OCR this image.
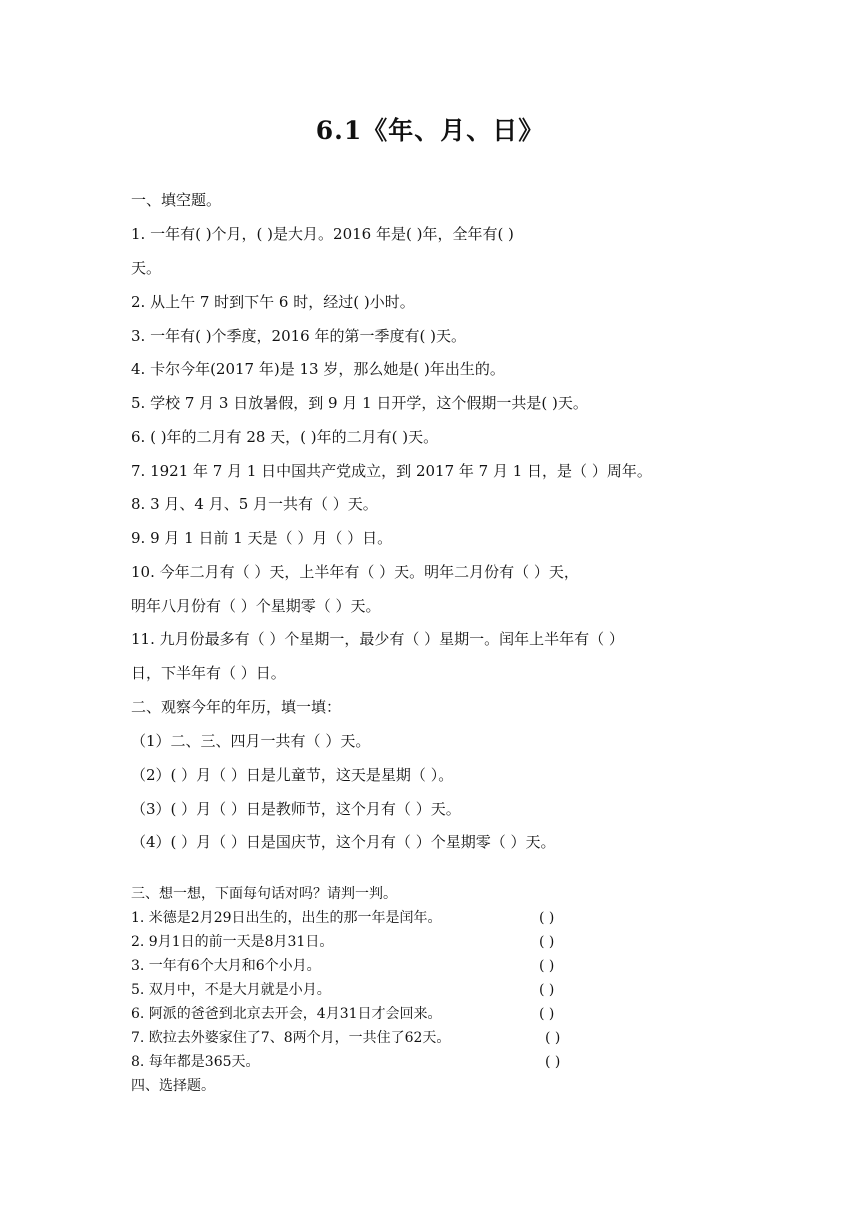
6.1《年、月、日》
一、填空题。
1. 一年有( )个月，( )是大月。2016 年是( )年，全年有( )
天。
2. 从上午 7 时到下午 6 时，经过( )小时。
3. 一年有( )个季度，2016 年的第一季度有( )天。
4. 卡尔今年(2017 年)是 13 岁，那么她是( )年出生的。
5. 学校 7 月 3 日放暑假，到 9 月 1 日开学，这个假期一共是( )天。
6. ( )年的二月有 28 天，( )年的二月有( )天。
7. 1921 年 7 月 1 日中国共产党成立，到 2017 年 7 月 1 日，是（ ）周年。
8. 3 月、4 月、5 月一共有（ ）天。
9. 9 月 1 日前 1 天是（ ）月（ ）日。
10. 今年二月有（ ）天，上半年有（ ）天。明年二月份有（ ）天，
明年八月份有（ ）个星期零（ ）天。
11. 九月份最多有（ ）个星期一，最少有（ ）星期一。闰年上半年有（ ）
日，下半年有（ ）日。
二、观察今年的年历，填一填：
（1）二、三、四月一共有（ ）天。
（2）( ）月（ ）日是儿童节，这天是星期（ ）。
（3）( ）月（ ）日是教师节，这个月有（ ）天。
（4）( ）月（ ）日是国庆节，这个月有（ ）个星期零（ ）天。
三、想一想，下面每句话对吗？请判一判。
1. 米德是2月29日出生的，出生的那一年是闰年。	( )
2. 9月1日的前一天是8月31日。	( )
3. 一年有6个大月和6个小月。	( )
5. 双月中，不是大月就是小月。	( )
6. 阿派的爸爸到北京去开会，4月31日才会回来。	( )
7. 欧拉去外婆家住了7、8两个月，一共住了62天。	( )
8. 每年都是365天。	( )
四、选择题。
